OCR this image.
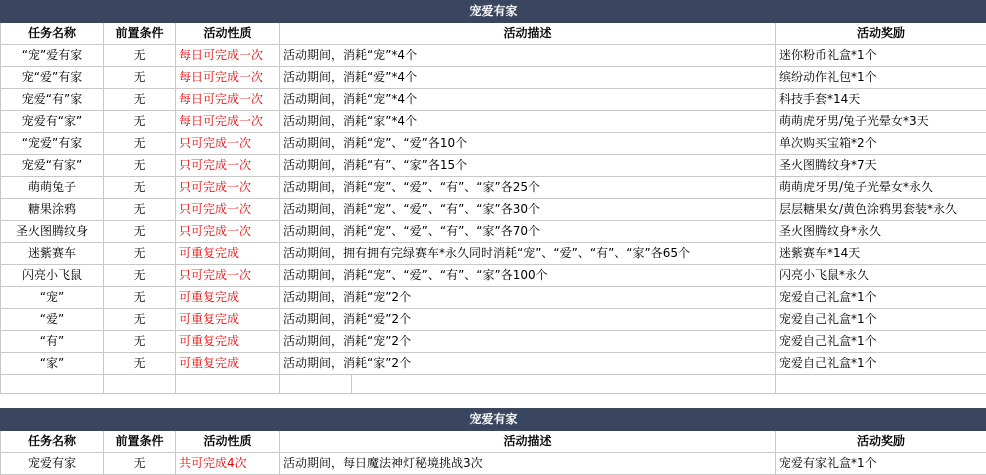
宠爱有家					
任务名称	前置条件	活动性质	活动描述		活动奖励
“宠”爱有家	无	每日可完成一次	活动期间，消耗“宠”*4个		迷你粉币礼盒*1个
宠“爱”有家	无	每日可完成一次	活动期间，消耗“爱”*4个		缤纷动作礼包*1个
宠爱“有”家	无	每日可完成一次	活动期间，消耗“宠”*4个		科技手套*14天
宠爱有“家”	无	每日可完成一次	活动期间，消耗“家”*4个		萌萌虎牙男/兔子光晕女*3天
“宠爱”有家	无	只可完成一次	活动期间，消耗“宠”、“爱”各10个		单次购买宝箱*2个
宠爱“有家”	无	只可完成一次	活动期间，消耗“有”、“家”各15个		圣火图腾纹身*7天
萌萌兔子	无	只可完成一次	活动期间，消耗“宠”、“爱”、“有”、“家”各25个		萌萌虎牙男/兔子光晕女*永久
糖果涂鸦	无	只可完成一次	活动期间，消耗“宠”、“爱”、“有”、“家”各30个		层层糖果女/黄色涂鸦男套装*永久
圣火图腾纹身	无	只可完成一次	活动期间，消耗“宠”、“爱”、“有”、“家”各70个		圣火图腾纹身*永久
迷紫赛车	无	可重复完成	活动期间，拥有拥有完绿赛车*永久同时消耗“宠”、“爱”、“有”、“家”各65个		迷紫赛车*14天
闪亮小飞鼠	无	只可完成一次	活动期间，消耗“宠”、“爱”、“有”、“家”各100个		闪亮小飞鼠*永久
“宠”	无	可重复完成	活动期间，消耗“宠”2个		宠爱自己礼盒*1个
“爱”	无	可重复完成	活动期间，消耗“爱”2个		宠爱自己礼盒*1个
“有”	无	可重复完成	活动期间，消耗“宠”2个		宠爱自己礼盒*1个
“家”	无	可重复完成	活动期间，消耗“家”2个		宠爱自己礼盒*1个

宠爱有家				
任务名称	前置条件	活动性质	活动描述	活动奖励
宠爱有家	无	共可完成4次	活动期间，每日魔法神灯秘境挑战3次	宠爱有家礼盒*1个
